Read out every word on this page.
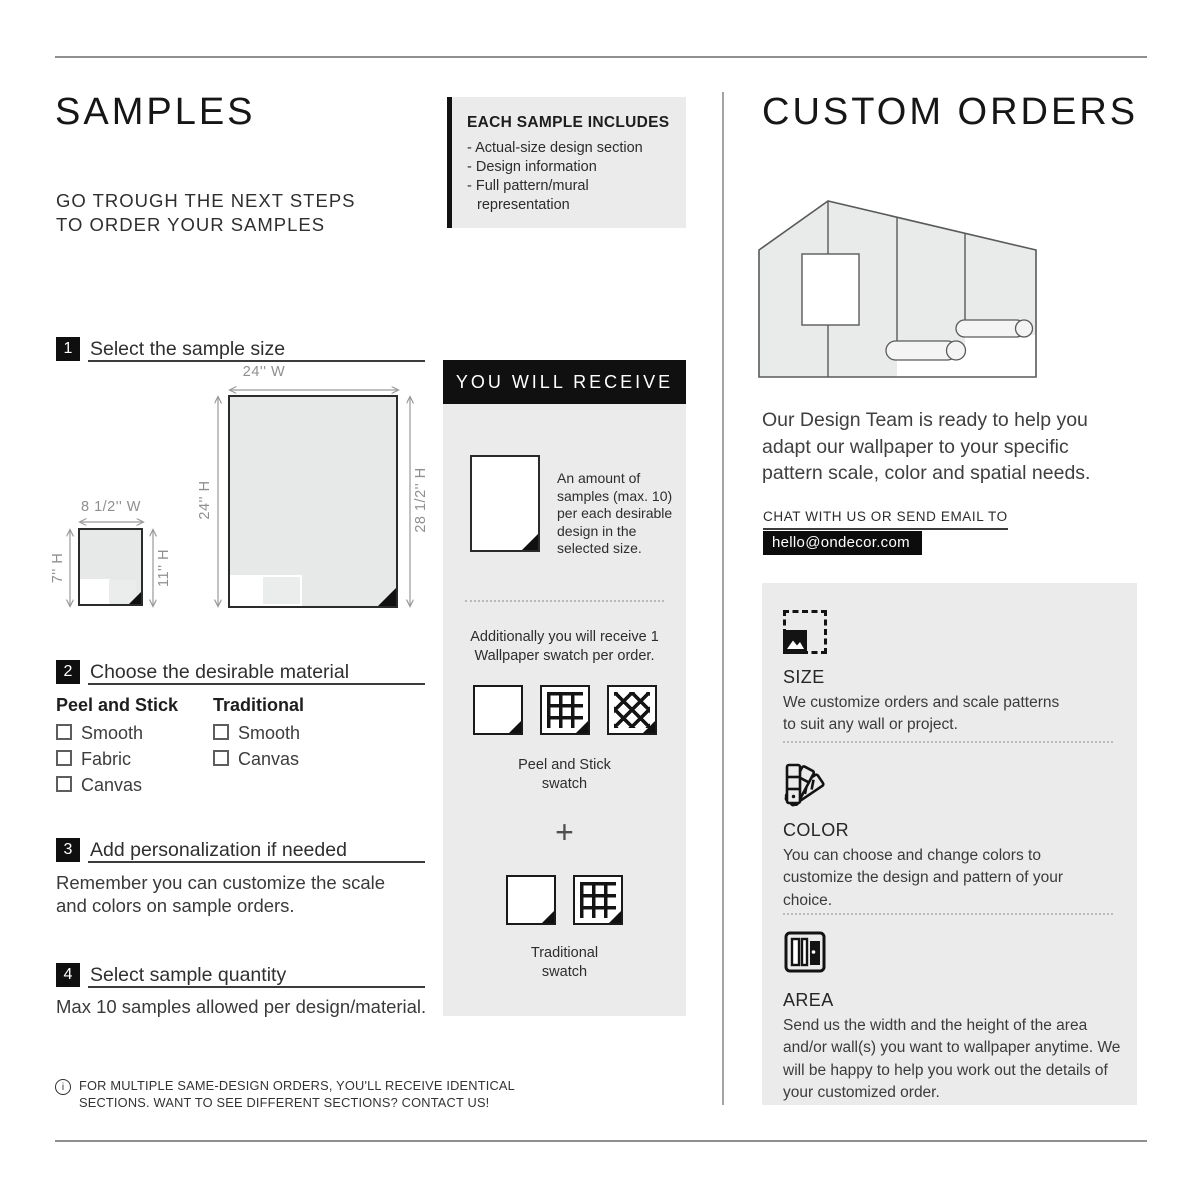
SAMPLES
GO TROUGH THE NEXT STEPS TO ORDER YOUR SAMPLES
EACH SAMPLE INCLUDES
- Actual-size design section
- Design information
- Full pattern/mural representation
1 Select the sample size
24'' W
24'' H	28 1/2'' H
8 1/2'' W
7'' H	11'' H
2 Choose the desirable material
Peel and Stick
Smooth
Fabric
Canvas
Traditional
Smooth
Canvas
3 Add personalization if needed
Remember you can customize the scale and colors on sample orders.
4 Select sample quantity
Max 10 samples allowed per design/material.
i	FOR MULTIPLE SAME-DESIGN ORDERS, YOU'LL RECEIVE IDENTICAL SECTIONS. WANT TO SEE DIFFERENT SECTIONS? CONTACT US!
YOU WILL RECEIVE
An amount of samples (max. 10) per each desirable design in the selected size.
Additionally you will receive 1 Wallpaper swatch per order.
Peel and Stick swatch
+
Traditional swatch
CUSTOM ORDERS
Our Design Team is ready to help you adapt our wallpaper to your specific pattern scale, color and spatial needs.
CHAT WITH US OR SEND EMAIL TO
hello@ondecor.com
SIZE
We customize orders and scale patterns to suit any wall or project.
COLOR
You can choose and change colors to customize the design and pattern of your choice.
AREA
Send us the width and the height of the area and/or wall(s) you want to wallpaper anytime. We will be happy to help you work out the details of your customized order.
